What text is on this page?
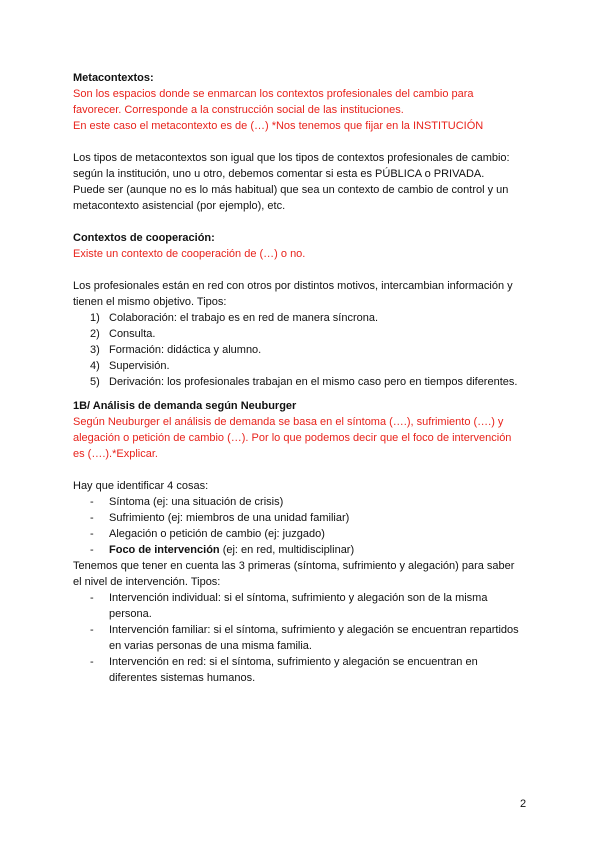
Metacontextos:

Son los espacios donde se enmarcan los contextos profesionales del cambio para

favorecer. Corresponde a la construcción social de las instituciones.

En este caso el metacontexto es de (…) *Nos tenemos que fijar en la INSTITUCIÓN

Los tipos de metacontextos son igual que los tipos de contextos profesionales de cambio:

según la institución, uno u otro, debemos comentar si esta es PÚBLICA o PRIVADA.

Puede ser (aunque no es lo más habitual) que sea un contexto de cambio de control y un

metacontexto asistencial (por ejemplo), etc.

Contextos de cooperación:

Existe un contexto de cooperación de (…) o no.

Los profesionales están en red con otros por distintos motivos, intercambian información y

tienen el mismo objetivo. Tipos:

1) Colaboración: el trabajo es en red de manera síncrona.
2) Consulta.
3) Formación: didáctica y alumno.
4) Supervisión.
5) Derivación: los profesionales trabajan en el mismo caso pero en tiempos diferentes.

1B/ Análisis de demanda según Neuburger

Según Neuburger el análisis de demanda se basa en el síntoma (….), sufrimiento (….) y

alegación o petición de cambio (…). Por lo que podemos decir que el foco de intervención

es (….).*Explicar.

Hay que identificar 4 cosas:

- Síntoma (ej: una situación de crisis)
- Sufrimiento (ej: miembros de una unidad familiar)
- Alegación o petición de cambio (ej: juzgado)
- Foco de intervención (ej: en red, multidisciplinar)

Tenemos que tener en cuenta las 3 primeras (síntoma, sufrimiento y alegación) para saber

el nivel de intervención. Tipos:

- Intervención individual: si el síntoma, sufrimiento y alegación son de la misma
persona.
- Intervención familiar: si el síntoma, sufrimiento y alegación se encuentran repartidos
en varias personas de una misma familia.
- Intervención en red: si el síntoma, sufrimiento y alegación se encuentran en
diferentes sistemas humanos.
2
